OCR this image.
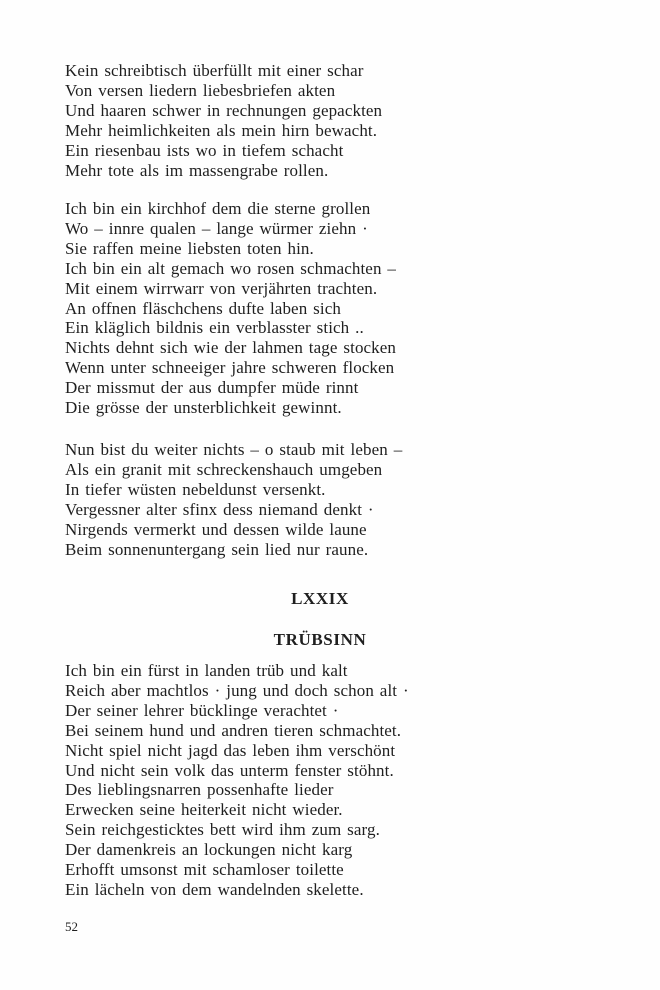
Kein schreibtisch überfüllt mit einer schar
Von versen liedern liebesbriefen akten
Und haaren schwer in rechnungen gepackten
Mehr heimlichkeiten als mein hirn bewacht.
Ein riesenbau ists wo in tiefem schacht
Mehr tote als im massengrabe rollen.
Ich bin ein kirchhof dem die sterne grollen
Wo – innre qualen – lange würmer ziehn ·
Sie raffen meine liebsten toten hin.
Ich bin ein alt gemach wo rosen schmachten –
Mit einem wirrwarr von verjährten trachten.
An offnen fläschchens dufte laben sich
Ein kläglich bildnis ein verblasster stich ..
Nichts dehnt sich wie der lahmen tage stocken
Wenn unter schneeiger jahre schweren flocken
Der missmut der aus dumpfer müde rinnt
Die grösse der unsterblichkeit gewinnt.
Nun bist du weiter nichts – o staub mit leben –
Als ein granit mit schreckenshauch umgeben
In tiefer wüsten nebeldunst versenkt.
Vergessner alter sfinx dess niemand denkt ·
Nirgends vermerkt und dessen wilde laune
Beim sonnenuntergang sein lied nur raune.
LXXIX
TRÜBSINN
Ich bin ein fürst in landen trüb und kalt
Reich aber machtlos · jung und doch schon alt ·
Der seiner lehrer bücklinge verachtet ·
Bei seinem hund und andren tieren schmachtet.
Nicht spiel nicht jagd das leben ihm verschönt
Und nicht sein volk das unterm fenster stöhnt.
Des lieblingsnarren possenhafte lieder
Erwecken seine heiterkeit nicht wieder.
Sein reichgesticktes bett wird ihm zum sarg.
Der damenkreis an lockungen nicht karg
Erhofft umsonst mit schamloser toilette
Ein lächeln von dem wandelnden skelette.
52
